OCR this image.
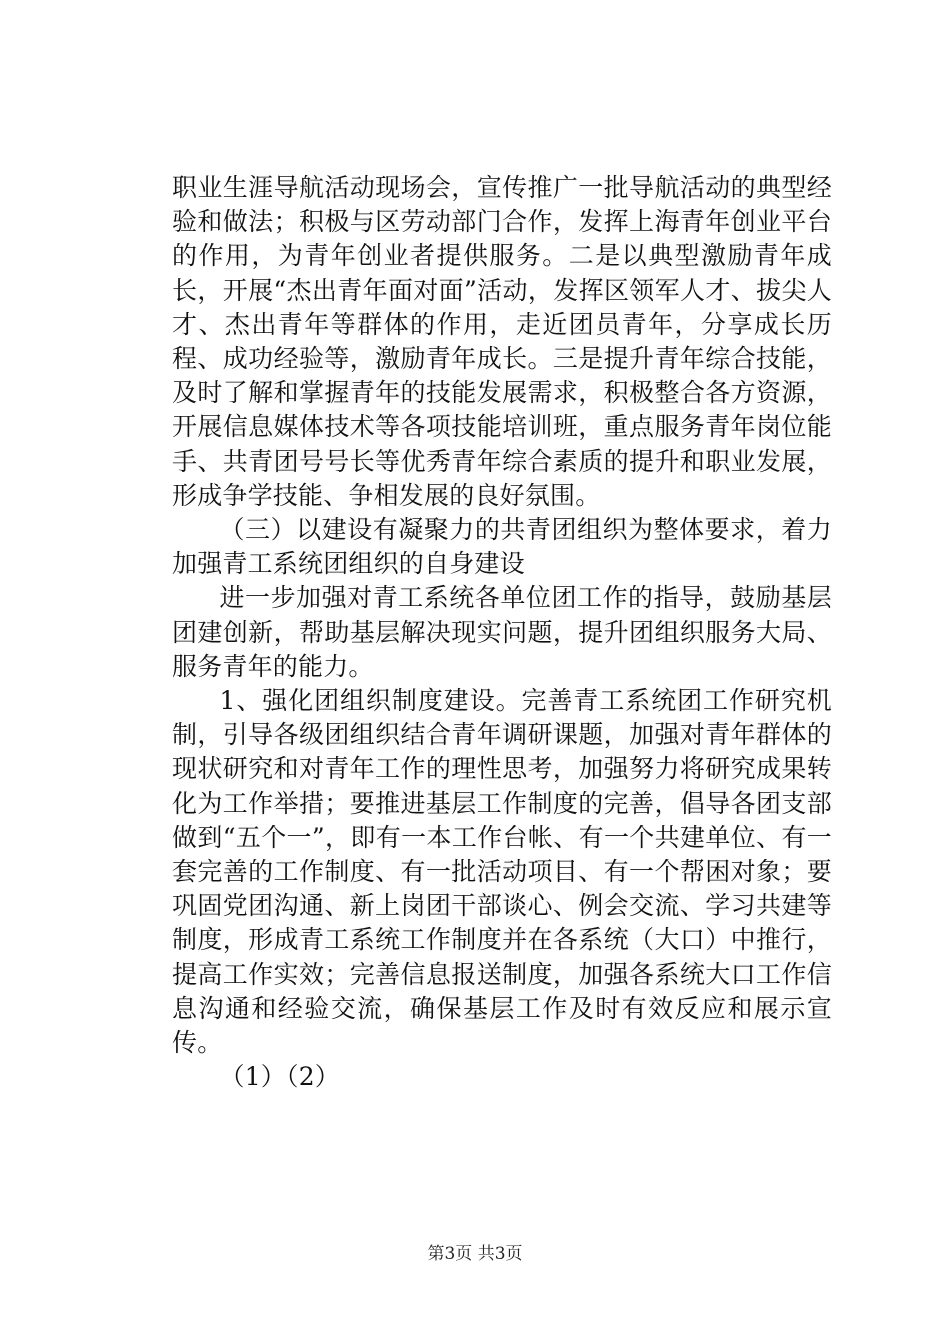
职业生涯导航活动现场会，宣传推广一批导航活动的典型经验和做法；积极与区劳动部门合作，发挥上海青年创业平台的作用，为青年创业者提供服务。二是以典型激励青年成长，开展“杰出青年面对面”活动，发挥区领军人才、拔尖人才、杰出青年等群体的作用，走近团员青年，分享成长历程、成功经验等，激励青年成长。三是提升青年综合技能，及时了解和掌握青年的技能发展需求，积极整合各方资源，开展信息媒体技术等各项技能培训班，重点服务青年岗位能手、共青团号号长等优秀青年综合素质的提升和职业发展，形成争学技能、争相发展的良好氛围。

（三）以建设有凝聚力的共青团组织为整体要求，着力加强青工系统团组织的自身建设

进一步加强对青工系统各单位团工作的指导，鼓励基层团建创新，帮助基层解决现实问题，提升团组织服务大局、服务青年的能力。

1、强化团组织制度建设。完善青工系统团工作研究机制，引导各级团组织结合青年调研课题，加强对青年群体的现状研究和对青年工作的理性思考，加强努力将研究成果转化为工作举措；要推进基层工作制度的完善，倡导各团支部做到“五个一”，即有一本工作台帐、有一个共建单位、有一套完善的工作制度、有一批活动项目、有一个帮困对象；要巩固党团沟通、新上岗团干部谈心、例会交流、学习共建等制度，形成青工系统工作制度并在各系统（大口）中推行，提高工作实效；完善信息报送制度，加强各系统大口工作信息沟通和经验交流，确保基层工作及时有效反应和展示宣传。

（1）（2）

第3页 共3页
